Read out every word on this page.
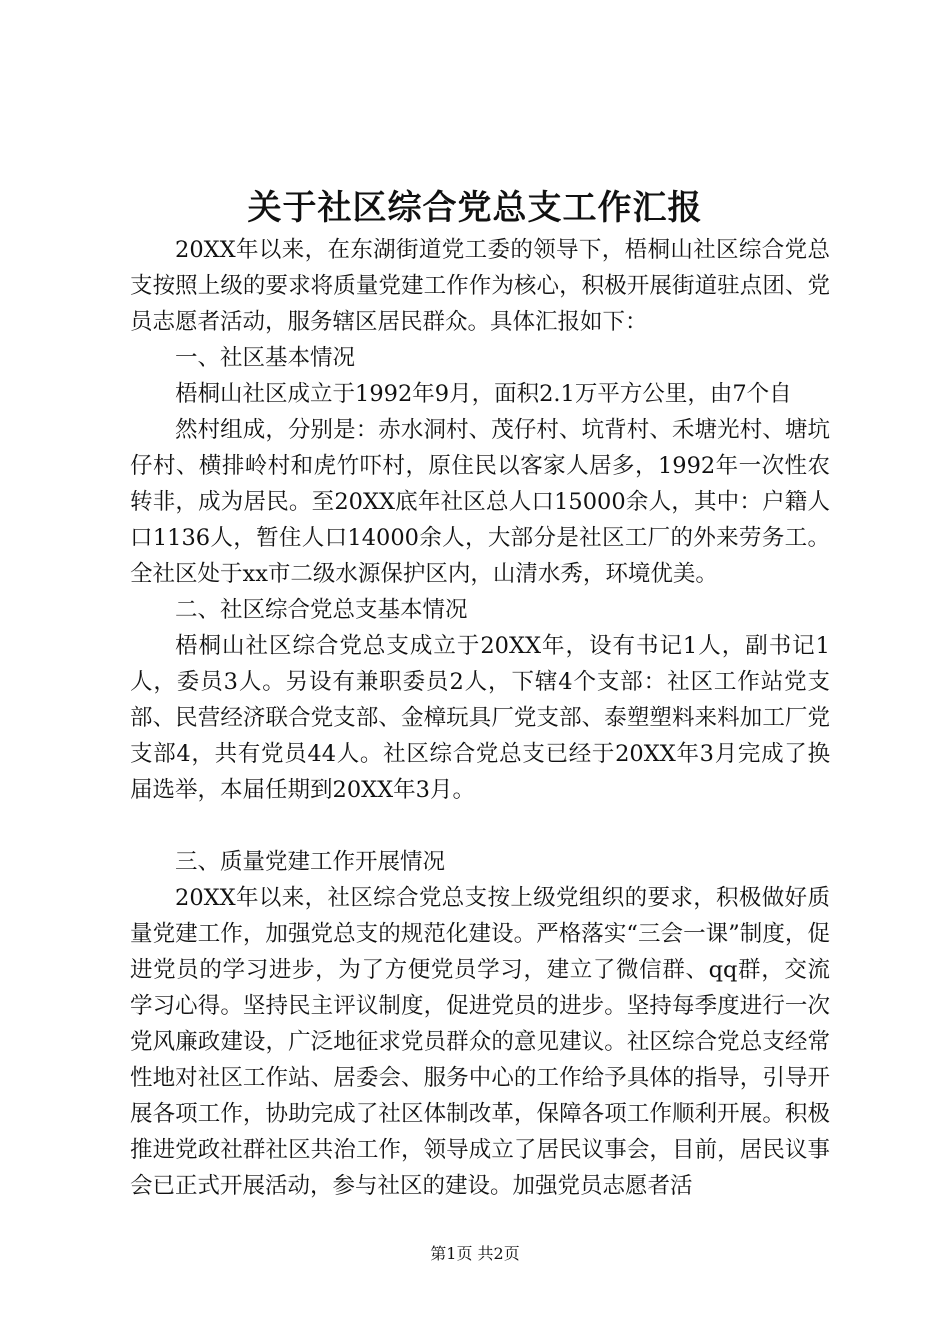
关于社区综合党总支工作汇报

20XX年以来，在东湖街道党工委的领导下，梧桐山社区综合党总支按照上级的要求将质量党建工作作为核心，积极开展街道驻点团、党员志愿者活动，服务辖区居民群众。具体汇报如下：

一、社区基本情况

梧桐山社区成立于1992年9月，面积2.1万平方公里，由7个自

然村组成，分别是：赤水洞村、茂仔村、坑背村、禾塘光村、塘坑仔村、横排岭村和虎竹吓村，原住民以客家人居多，1992年一次性农转非，成为居民。至20XX底年社区总人口15000余人，其中：户籍人口1136人，暂住人口14000余人，大部分是社区工厂的外来劳务工。全社区处于xx市二级水源保护区内，山清水秀，环境优美。

二、社区综合党总支基本情况

梧桐山社区综合党总支成立于20XX年，设有书记1人，副书记1人，委员3人。另设有兼职委员2人，下辖4个支部：社区工作站党支部、民营经济联合党支部、金樟玩具厂党支部、泰塑塑料来料加工厂党支部4，共有党员44人。社区综合党总支已经于20XX年3月完成了换届选举，本届任期到20XX年3月。

三、质量党建工作开展情况

20XX年以来，社区综合党总支按上级党组织的要求，积极做好质量党建工作，加强党总支的规范化建设。严格落实“三会一课”制度，促进党员的学习进步，为了方便党员学习，建立了微信群、qq群，交流学习心得。坚持民主评议制度，促进党员的进步。坚持每季度进行一次党风廉政建设，广泛地征求党员群众的意见建议。社区综合党总支经常性地对社区工作站、居委会、服务中心的工作给予具体的指导，引导开展各项工作，协助完成了社区体制改革，保障各项工作顺利开展。积极推进党政社群社区共治工作，领导成立了居民议事会，目前，居民议事会已正式开展活动，参与社区的建设。加强党员志愿者活

第1页 共2页
